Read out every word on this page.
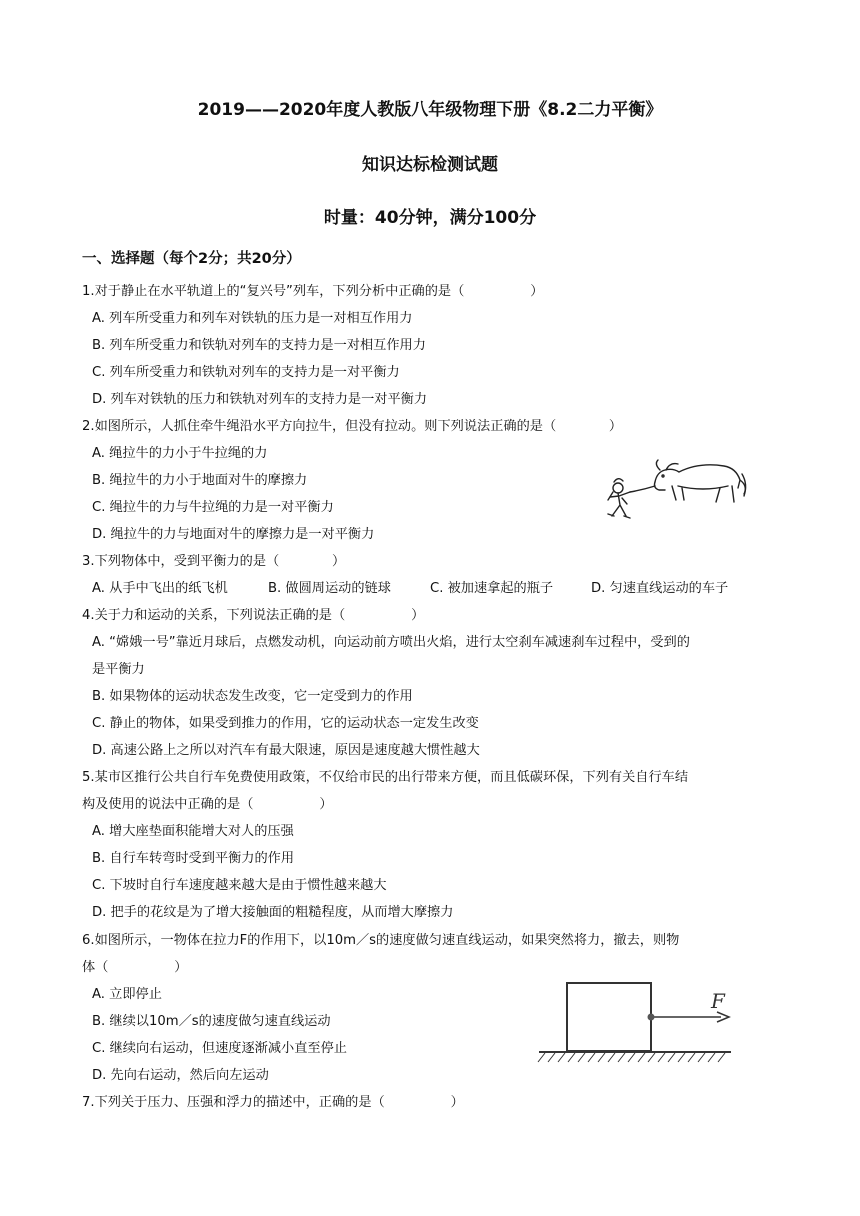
2019——2020年度人教版八年级物理下册《8.2二力平衡》
知识达标检测试题
时量：40分钟，满分100分
一、选择题（每个2分；共20分）
1.对于静止在水平轨道上的“复兴号”列车，下列分析中正确的是（　　　　　）
A. 列车所受重力和列车对铁轨的压力是一对相互作用力
B. 列车所受重力和铁轨对列车的支持力是一对相互作用力
C. 列车所受重力和铁轨对列车的支持力是一对平衡力
D. 列车对铁轨的压力和铁轨对列车的支持力是一对平衡力
2.如图所示，人抓住牵牛绳沿水平方向拉牛，但没有拉动。则下列说法正确的是（　　　　）
A. 绳拉牛的力小于牛拉绳的力
B. 绳拉牛的力小于地面对牛的摩擦力
C. 绳拉牛的力与牛拉绳的力是一对平衡力
D. 绳拉牛的力与地面对牛的摩擦力是一对平衡力
3.下列物体中，受到平衡力的是（　　　　）
A. 从手中飞出的纸飞机	B. 做圆周运动的链球	C. 被加速拿起的瓶子	D. 匀速直线运动的车子
4.关于力和运动的关系，下列说法正确的是（　　　　　）
A. “嫦娥一号”靠近月球后，点燃发动机，向运动前方喷出火焰，进行太空刹车减速刹车过程中，受到的
是平衡力
B. 如果物体的运动状态发生改变，它一定受到力的作用
C. 静止的物体，如果受到推力的作用，它的运动状态一定发生改变
D. 高速公路上之所以对汽车有最大限速，原因是速度越大惯性越大
5.某市区推行公共自行车免费使用政策，不仅给市民的出行带来方便，而且低碳环保，下列有关自行车结
构及使用的说法中正确的是（　　　　　）
A. 增大座垫面积能增大对人的压强
B. 自行车转弯时受到平衡力的作用
C. 下坡时自行车速度越来越大是由于惯性越来越大
D. 把手的花纹是为了增大接触面的粗糙程度，从而增大摩擦力
6.如图所示，一物体在拉力F的作用下，以10m／s的速度做匀速直线运动，如果突然将力，撤去，则物
体（　　　　　）
A. 立即停止
B. 继续以10m／s的速度做匀速直线运动
C. 继续向右运动，但速度逐渐减小直至停止
D. 先向右运动，然后向左运动
F
7.下列关于压力、压强和浮力的描述中，正确的是（　　　　　）
